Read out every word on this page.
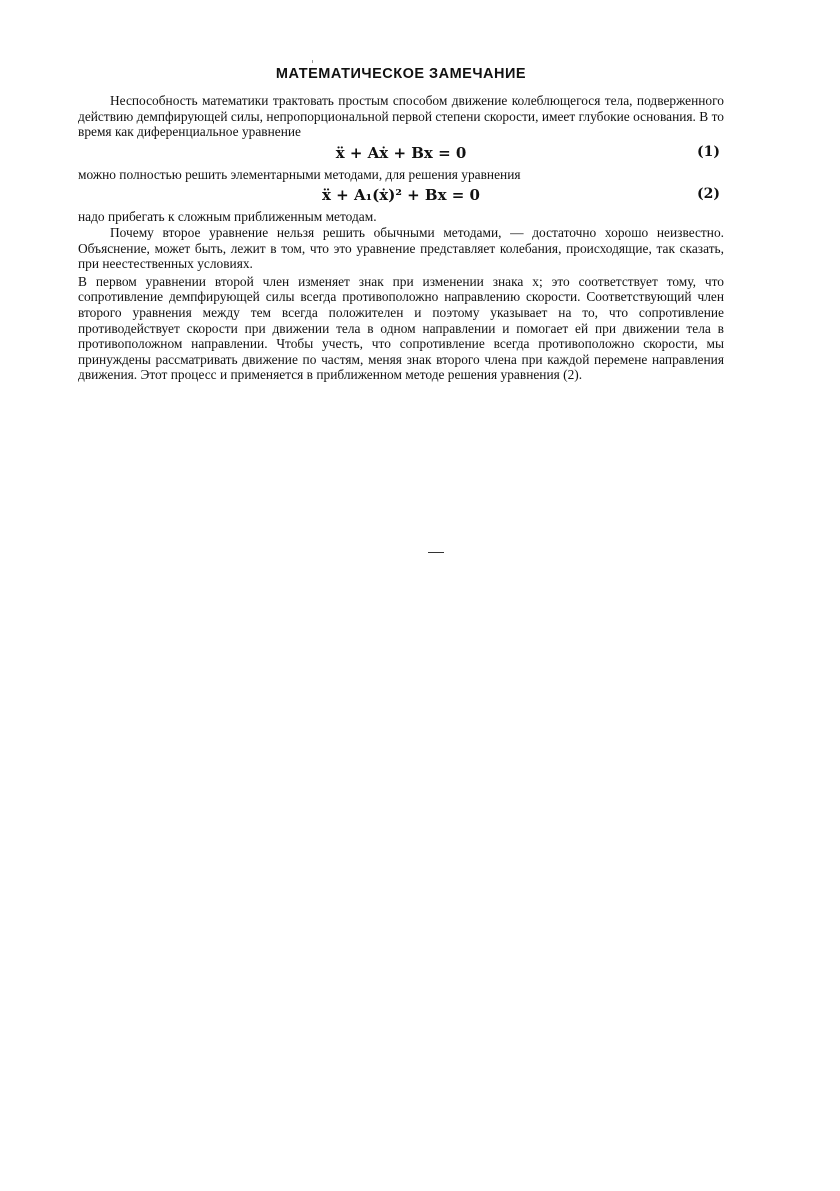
МАТЕМАТИЧЕСКОЕ ЗАМЕЧАНИЕ

Неспособность математики трактовать простым способом движение колеблющегося тела, подверженного действию демпфирующей силы, непропорциональной первой степени скорости, имеет глубокие основания. В то время как диференциальное уравнение

ẍ + Aẋ + Bx = 0	(1)

можно полностью решить элементарными методами, для решения уравнения

ẍ + A₁(ẋ)² + Bx = 0	(2)

надо прибегать к сложным приближенным методам.

Почему второе уравнение нельзя решить обычными методами, — достаточно хорошо неизвестно. Объяснение, может быть, лежит в том, что это уравнение представляет колебания, происходящие, так сказать, при неестественных условиях.

В первом уравнении второй член изменяет знак при изменении знака x; это соответствует тому, что сопротивление демпфирующей силы всегда противоположно направлению скорости. Соответствующий член второго уравнения между тем всегда положителен и поэтому указывает на то, что сопротивление противодействует скорости при движении тела в одном направлении и помогает ей при движении тела в противоположном направлении. Чтобы учесть, что сопротивление всегда противоположно скорости, мы принуждены рассматривать движение по частям, меняя знак второго члена при каждой перемене направления движения. Этот процесс и применяется в приближенном методе решения уравнения (2).
